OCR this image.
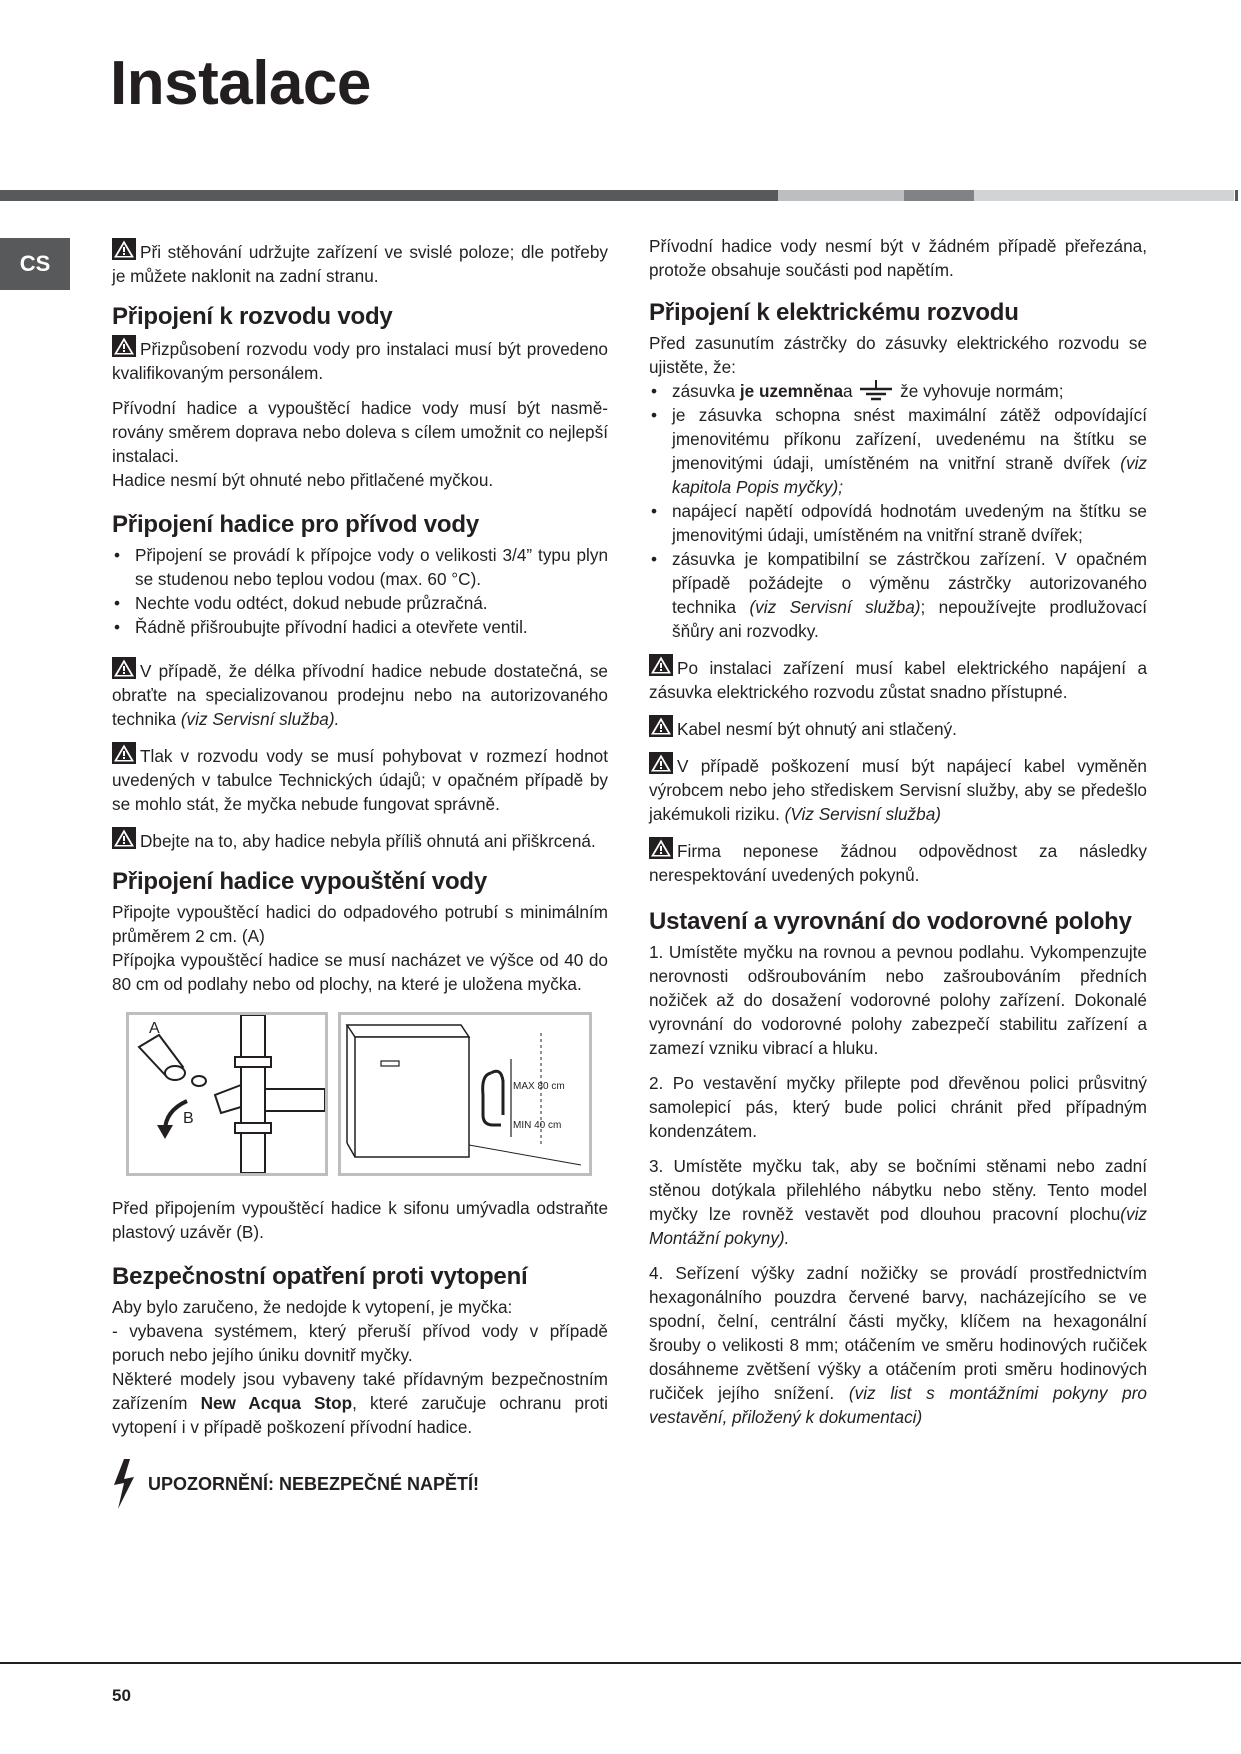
Instalace
CS	Při stěhování udržujte zařízení ve svislé poloze; dle potřeby je můžete naklonit na zadní stranu.

Připojení k rozvodu vody

Přizpůsobení rozvodu vody pro instalaci musí být provedeno kvalifikovaným personálem.

Přívodní hadice a vypouštěcí hadice vody musí být nasmě-rovány směrem doprava nebo doleva s cílem umožnit co nejlepší instalaci.
Hadice nesmí být ohnuté nebo přitlačené myčkou.

Připojení hadice pro přívod vody
• Připojení se provádí k přípojce vody o velikosti 3/4” typu plyn se studenou nebo teplou vodou (max. 60 °C).
• Nechte vodu odtéct, dokud nebude průzračná.
• Řádně přišroubujte přívodní hadici a otevřete ventil.

V případě, že délka přívodní hadice nebude dostatečná, se obraťte na specializovanou prodejnu nebo na autorizovaného technika (viz Servisní služba).

Tlak v rozvodu vody se musí pohybovat v rozmezí hodnot uvedených v tabulce Technických údajů; v opačném případě by se mohlo stát, že myčka nebude fungovat správně.

Dbejte na to, aby hadice nebyla příliš ohnutá ani přiškrcená.

Připojení hadice vypouštění vody

Připojte vypouštěcí hadici do odpadového potrubí s minimálním průměrem 2 cm. (A)

Přípojka vypouštěcí hadice se musí nacházet ve výšce od 40 do 80 cm od podlahy nebo od plochy, na které je uložena myčka.

A
B
MAX 80 cm
MIN 40 cm

Před připojením vypouštěcí hadice k sifonu umývadla odstraňte plastový uzávěr (B).

Bezpečnostní opatření proti vytopení

Aby bylo zaručeno, že nedojde k vytopení, je myčka:
- vybavena systémem, který přeruší přívod vody v případě poruch nebo jejího úniku dovnitř myčky.
Některé modely jsou vybaveny také přídavným bezpečnostním zařízením New Acqua Stop, které zaručuje ochranu proti vytopení i v případě poškození přívodní hadice.

UPOZORNĚNÍ: NEBEZPEČNÉ NAPĚTÍ!

Přívodní hadice vody nesmí být v žádném případě přeřezána, protože obsahuje součásti pod napětím.

Připojení k elektrickému rozvodu

Před zasunutím zástrčky do zásuvky elektrického rozvodu se ujistěte, že:

• zásuvka je uzemněnaa	že vyhovuje normám;
• je zásuvka schopna snést maximální zátěž odpovídající jmenovitému příkonu zařízení, uvedenému na štítku se jmenovitými údaji, umístěném na vnitřní straně dvířek (viz kapitola Popis myčky);
• napájecí napětí odpovídá hodnotám uvedeným na štítku se jmenovitými údaji, umístěném na vnitřní straně dvířek;
• zásuvka je kompatibilní se zástrčkou zařízení. V opačném případě požádejte o výměnu zástrčky autorizovaného technika (viz Servisní služba); nepoužívejte prodlužovací šňůry ani rozvodky.

Po instalaci zařízení musí kabel elektrického napájení a zásuvka elektrického rozvodu zůstat snadno přístupné.

Kabel nesmí být ohnutý ani stlačený.

V případě poškození musí být napájecí kabel vyměněn výrobcem nebo jeho střediskem Servisní služby, aby se předešlo jakémukoli riziku. (Viz Servisní služba)

Firma neponese žádnou odpovědnost za následky nerespektování uvedených pokynů.

Ustavení a vyrovnání do vodorovné polohy

1. Umístěte myčku na rovnou a pevnou podlahu. Vykompenzujte nerovnosti odšroubováním nebo zašroubováním předních nožiček až do dosažení vodorovné polohy zařízení. Dokonalé vyrovnání do vodorovné polohy zabezpečí stabilitu zařízení a zamezí vzniku vibrací a hluku.

2. Po vestavění myčky přilepte pod dřevěnou polici průsvitný samolepicí pás, který bude polici chránit před případným kondenzátem.

3. Umístěte myčku tak, aby se bočními stěnami nebo zadní stěnou dotýkala přilehlého nábytku nebo stěny. Tento model myčky lze rovněž vestavět pod dlouhou pracovní plochu(viz Montážní pokyny).

4. Seřízení výšky zadní nožičky se provádí prostřednictvím hexagonálního pouzdra červené barvy, nacházejícího se ve spodní, čelní, centrální části myčky, klíčem na hexagonální šrouby o velikosti 8 mm; otáčením ve směru hodinových ručiček dosáhneme zvětšení výšky a otáčením proti směru hodinových ručiček jejího snížení. (viz list s montážními pokyny pro vestavění, přiložený k dokumentaci)

50
